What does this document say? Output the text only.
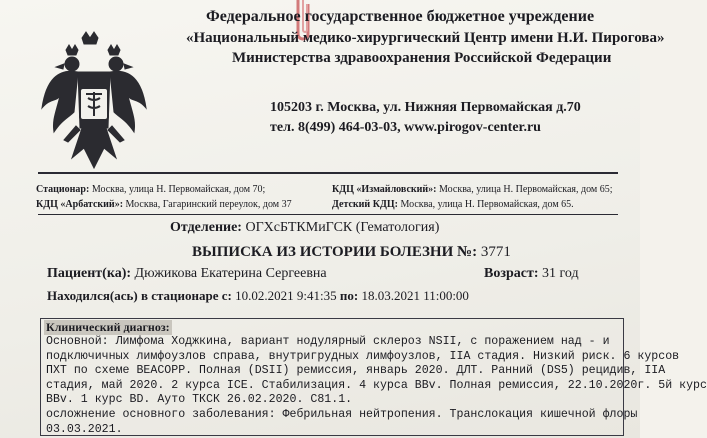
Федеральное государственное бюджетное учреждение
«Национальный медико-хирургический Центр имени Н.И. Пирогова»
Министерства здравоохранения Российской Федерации
105203 г. Москва, ул. Нижняя Первомайская д.70
тел. 8(499) 464-03-03, www.pirogov-center.ru
Стационар: Москва, улица Н. Первомайская, дом 70;
КДЦ «Арбатский»: Москва, Гагаринский переулок, дом 37
КДЦ «Измайловский»: Москва, улица Н. Первомайская, дом 65;
Детский КДЦ: Москва, улица Н. Первомайская, дом 65.
Отделение: ОГХсБТКМиГСК (Гематология)
ВЫПИСКА ИЗ ИСТОРИИ БОЛЕЗНИ №: 3771
Пациент(ка): Дюжикова Екатерина Сергеевна	Возраст: 31 год
Находился(ась) в стационаре с: 10.02.2021 9:41:35 по: 18.03.2021 11:00:00
Клинический диагноз:
Основной: Лимфома Ходжкина, вариант нодулярный склероз NSII, с поражением над - и
подключичных лимфоузлов справа, внутригрудных лимфоузлов, IIA стадия. Низкий риск. 6 курсов
ПХТ по схеме BEACOPP. Полная (DSII) ремиссия, январь 2020. ДЛТ. Ранний (DS5) рецидив, IIA
стадия, май 2020. 2 курса ICE. Стабилизация. 4 курса BBv. Полная ремиссия, 22.10.2020г. 5й курс
BBv. 1 курс BD. Ауто ТКСК 26.02.2020. C81.1.
осложнение основного заболевания: Фебрильная нейтропения. Транслокация кишечной флоры
03.03.2021.
